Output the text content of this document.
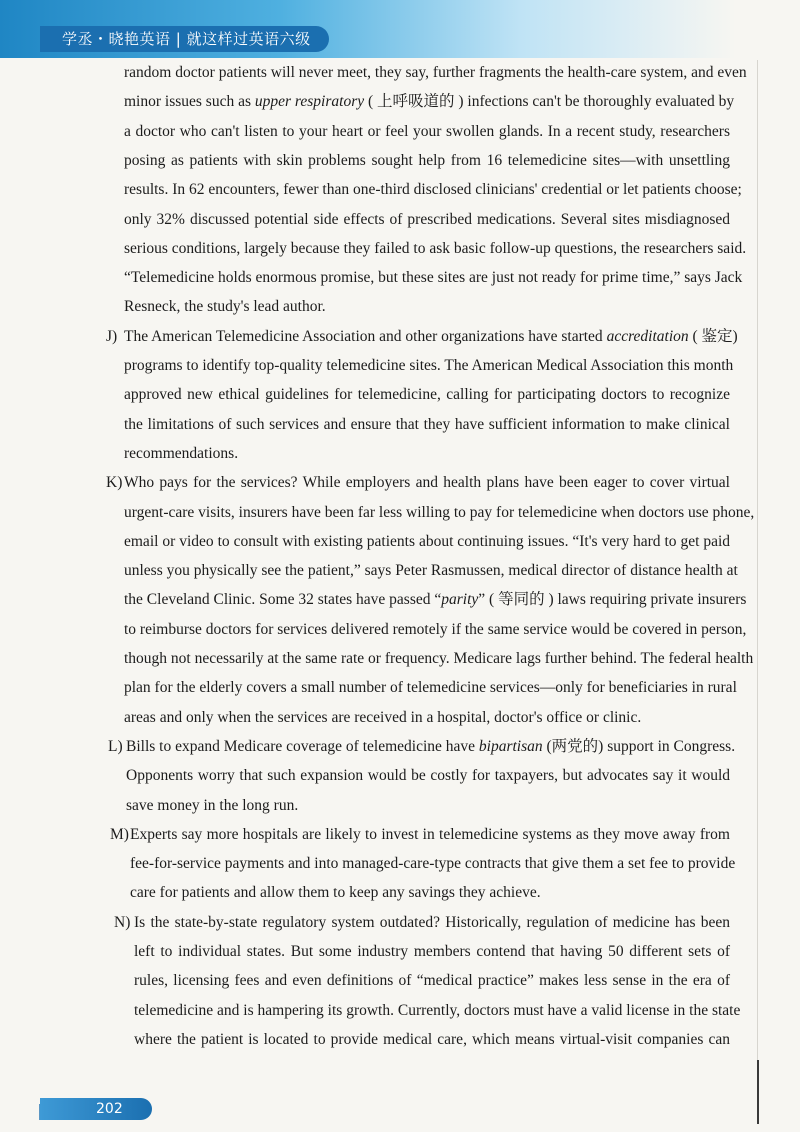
学丞・晓艳英语 | 就这样过英语六级
random doctor patients will never meet, they say, further fragments the health-care system, and even
minor issues such as upper respiratory ( 上呼吸道的 ) infections can't be thoroughly evaluated by
a doctor who can't listen to your heart or feel your swollen glands. In a recent study, researchers
posing as patients with skin problems sought help from 16 telemedicine sites—with unsettling
results. In 62 encounters, fewer than one-third disclosed clinicians' credential or let patients choose;
only 32% discussed potential side effects of prescribed medications. Several sites misdiagnosed
serious conditions, largely because they failed to ask basic follow-up questions, the researchers said.
“Telemedicine holds enormous promise, but these sites are just not ready for prime time,” says Jack
Resneck, the study's lead author.
J) The American Telemedicine Association and other organizations have started accreditation ( 鉴定)
programs to identify top-quality telemedicine sites. The American Medical Association this month
approved new ethical guidelines for telemedicine, calling for participating doctors to recognize
the limitations of such services and ensure that they have sufficient information to make clinical
recommendations.
K) Who pays for the services? While employers and health plans have been eager to cover virtual
urgent-care visits, insurers have been far less willing to pay for telemedicine when doctors use phone,
email or video to consult with existing patients about continuing issues. “It's very hard to get paid
unless you physically see the patient,” says Peter Rasmussen, medical director of distance health at
the Cleveland Clinic. Some 32 states have passed “parity” ( 等同的 ) laws requiring private insurers
to reimburse doctors for services delivered remotely if the same service would be covered in person,
though not necessarily at the same rate or frequency. Medicare lags further behind. The federal health
plan for the elderly covers a small number of telemedicine services—only for beneficiaries in rural
areas and only when the services are received in a hospital, doctor's office or clinic.
L) Bills to expand Medicare coverage of telemedicine have bipartisan (两党的) support in Congress.
Opponents worry that such expansion would be costly for taxpayers, but advocates say it would
save money in the long run.
M) Experts say more hospitals are likely to invest in telemedicine systems as they move away from
fee-for-service payments and into managed-care-type contracts that give them a set fee to provide
care for patients and allow them to keep any savings they achieve.
N) Is the state-by-state regulatory system outdated? Historically, regulation of medicine has been
left to individual states. But some industry members contend that having 50 different sets of
rules, licensing fees and even definitions of “medical practice” makes less sense in the era of
telemedicine and is hampering its growth. Currently, doctors must have a valid license in the state
where the patient is located to provide medical care, which means virtual-visit companies can
202
